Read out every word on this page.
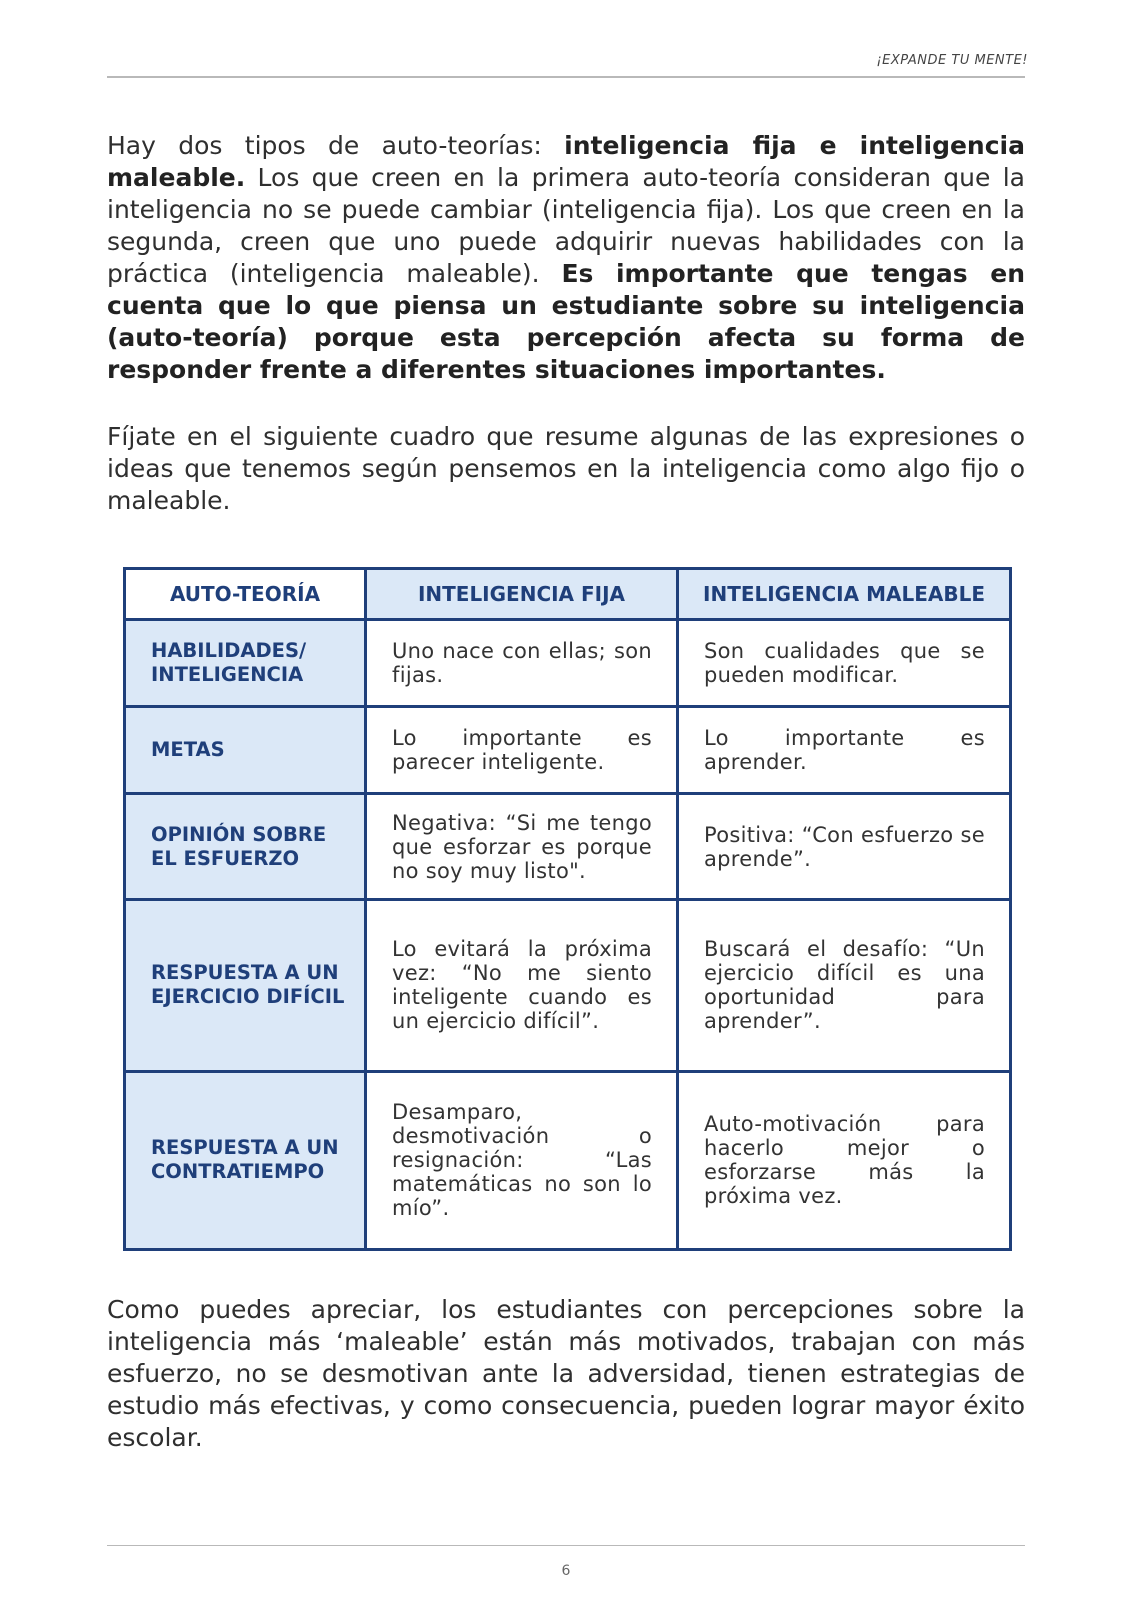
¡EXPANDE TU MENTE!

Hay dos tipos de auto-teorías: inteligencia fija e inteligencia maleable. Los que creen en la primera auto-teoría consideran que la inteligencia no se puede cambiar (inteligencia fija). Los que creen en la segunda, creen que uno puede adquirir nuevas habilidades con la práctica (inteligencia maleable). Es importante que tengas en cuenta que lo que piensa un estudiante sobre su inteligencia (auto-teoría) porque esta percepción afecta su forma de responder frente a diferentes situaciones importantes.

Fíjate en el siguiente cuadro que resume algunas de las expresiones o ideas que tenemos según pensemos en la inteligencia como algo fijo o maleable.

AUTO-TEORÍA	INTELIGENCIA FIJA	INTELIGENCIA MALEABLE
HABILIDADES/ INTELIGENCIA	Uno nace con ellas; son fijas.	Son cualidades que se pueden modificar.
METAS	Lo importante es parecer inteligente.	Lo importante es aprender.
OPINIÓN SOBRE EL ESFUERZO	Negativa: “Si me tengo que esforzar es porque no soy muy listo".	Positiva: “Con esfuerzo se aprende”.
RESPUESTA A UN EJERCICIO DIFÍCIL	Lo evitará la próxima vez: “No me siento inteligente cuando es un ejercicio difícil”.	Buscará el desafío: “Un ejercicio difícil es una oportunidad para aprender”.
RESPUESTA A UN CONTRATIEMPO	Desamparo, desmotivación o resignación: “Las matemáticas no son lo mío”.	Auto-motivación para hacerlo mejor o esforzarse más la próxima vez.

Como puedes apreciar, los estudiantes con percepciones sobre la inteligencia más ‘maleable’ están más motivados, trabajan con más esfuerzo, no se desmotivan ante la adversidad, tienen estrategias de estudio más efectivas, y como consecuencia, pueden lograr mayor éxito escolar.

6
